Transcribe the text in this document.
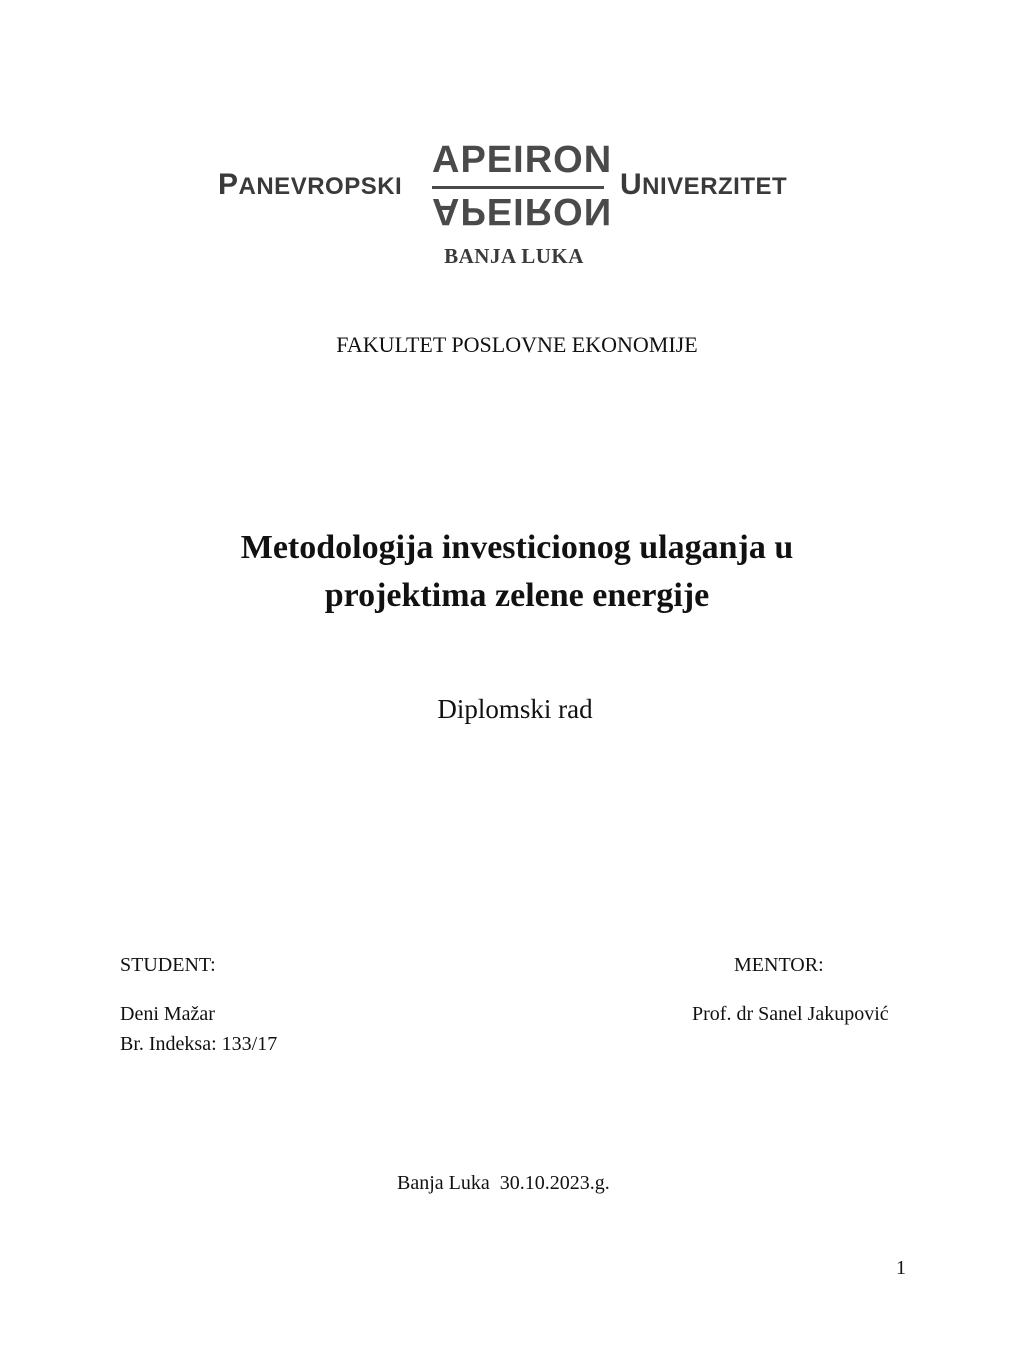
PANEVROPSKI
APEIRON
APEIRON
UNIVERZITET
BANJA LUKA
FAKULTET POSLOVNE EKONOMIJE
Metodologija investicionog ulaganja u
projektima zelene energije
Diplomski rad
STUDENT:	MENTOR:
Deni Mažar
Br. Indeksa: 133/17
Prof. dr Sanel Jakupović
Banja Luka  30.10.2023.g.
1
